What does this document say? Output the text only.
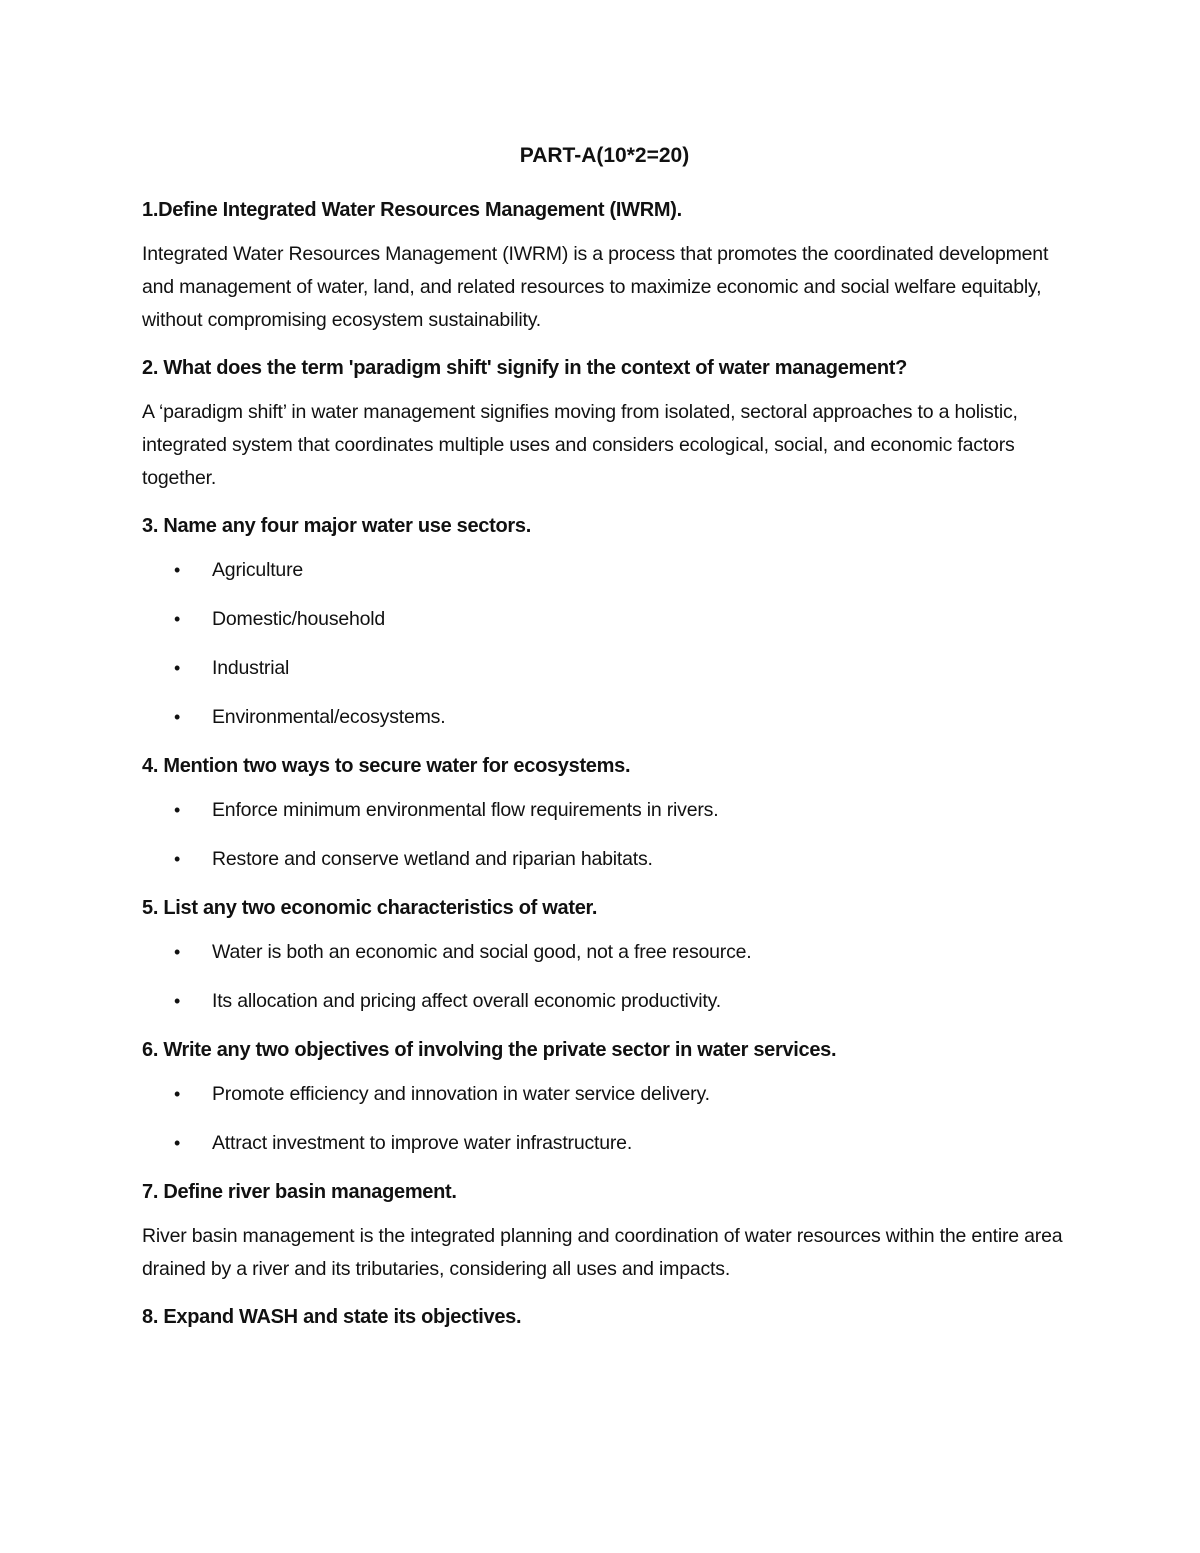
PART-A(10*2=20)
1.Define Integrated Water Resources Management (IWRM).
Integrated Water Resources Management (IWRM) is a process that promotes the coordinated development and management of water, land, and related resources to maximize economic and social welfare equitably, without compromising ecosystem sustainability.
2. What does the term 'paradigm shift' signify in the context of water management?
A ‘paradigm shift’ in water management signifies moving from isolated, sectoral approaches to a holistic, integrated system that coordinates multiple uses and considers ecological, social, and economic factors together.
3. Name any four major water use sectors.
• Agriculture
• Domestic/household
• Industrial
• Environmental/ecosystems.
4. Mention two ways to secure water for ecosystems.
• Enforce minimum environmental flow requirements in rivers.
• Restore and conserve wetland and riparian habitats.
5. List any two economic characteristics of water.
• Water is both an economic and social good, not a free resource.
• Its allocation and pricing affect overall economic productivity.
6. Write any two objectives of involving the private sector in water services.
• Promote efficiency and innovation in water service delivery.
• Attract investment to improve water infrastructure.
7. Define river basin management.
River basin management is the integrated planning and coordination of water resources within the entire area drained by a river and its tributaries, considering all uses and impacts.
8. Expand WASH and state its objectives.
